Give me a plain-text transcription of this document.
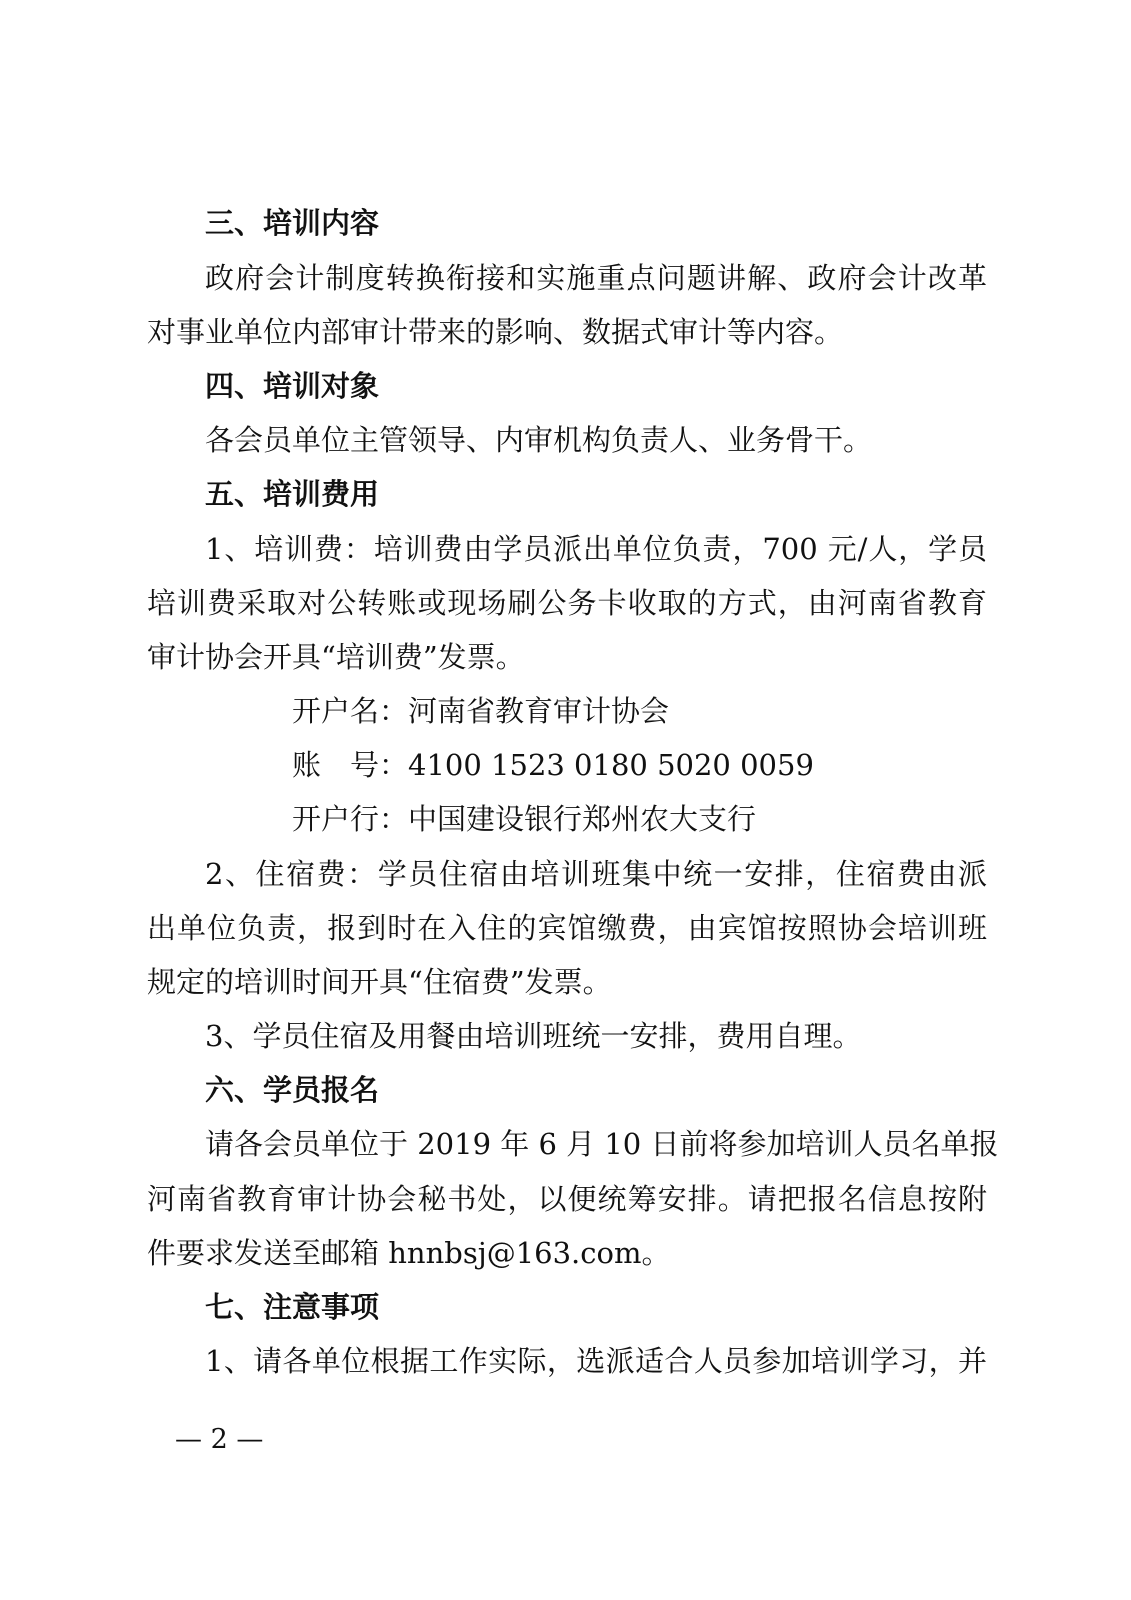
三、培训内容
政府会计制度转换衔接和实施重点问题讲解、政府会计改革
对事业单位内部审计带来的影响、数据式审计等内容。
四、培训对象
各会员单位主管领导、内审机构负责人、业务骨干。
五、培训费用
1、培训费：培训费由学员派出单位负责，700 元/人，学员
培训费采取对公转账或现场刷公务卡收取的方式，由河南省教育
审计协会开具“培训费”发票。
开户名：河南省教育审计协会
账　号：4100 1523 0180 5020 0059
开户行：中国建设银行郑州农大支行
2、住宿费：学员住宿由培训班集中统一安排，住宿费由派
出单位负责，报到时在入住的宾馆缴费，由宾馆按照协会培训班
规定的培训时间开具“住宿费”发票。
3、学员住宿及用餐由培训班统一安排，费用自理。
六、学员报名
请各会员单位于 2019 年 6 月 10 日前将参加培训人员名单报
河南省教育审计协会秘书处，以便统筹安排。请把报名信息按附
件要求发送至邮箱 hnnbsj@163.com。
七、注意事项
1、请各单位根据工作实际，选派适合人员参加培训学习，并
— 2 —
